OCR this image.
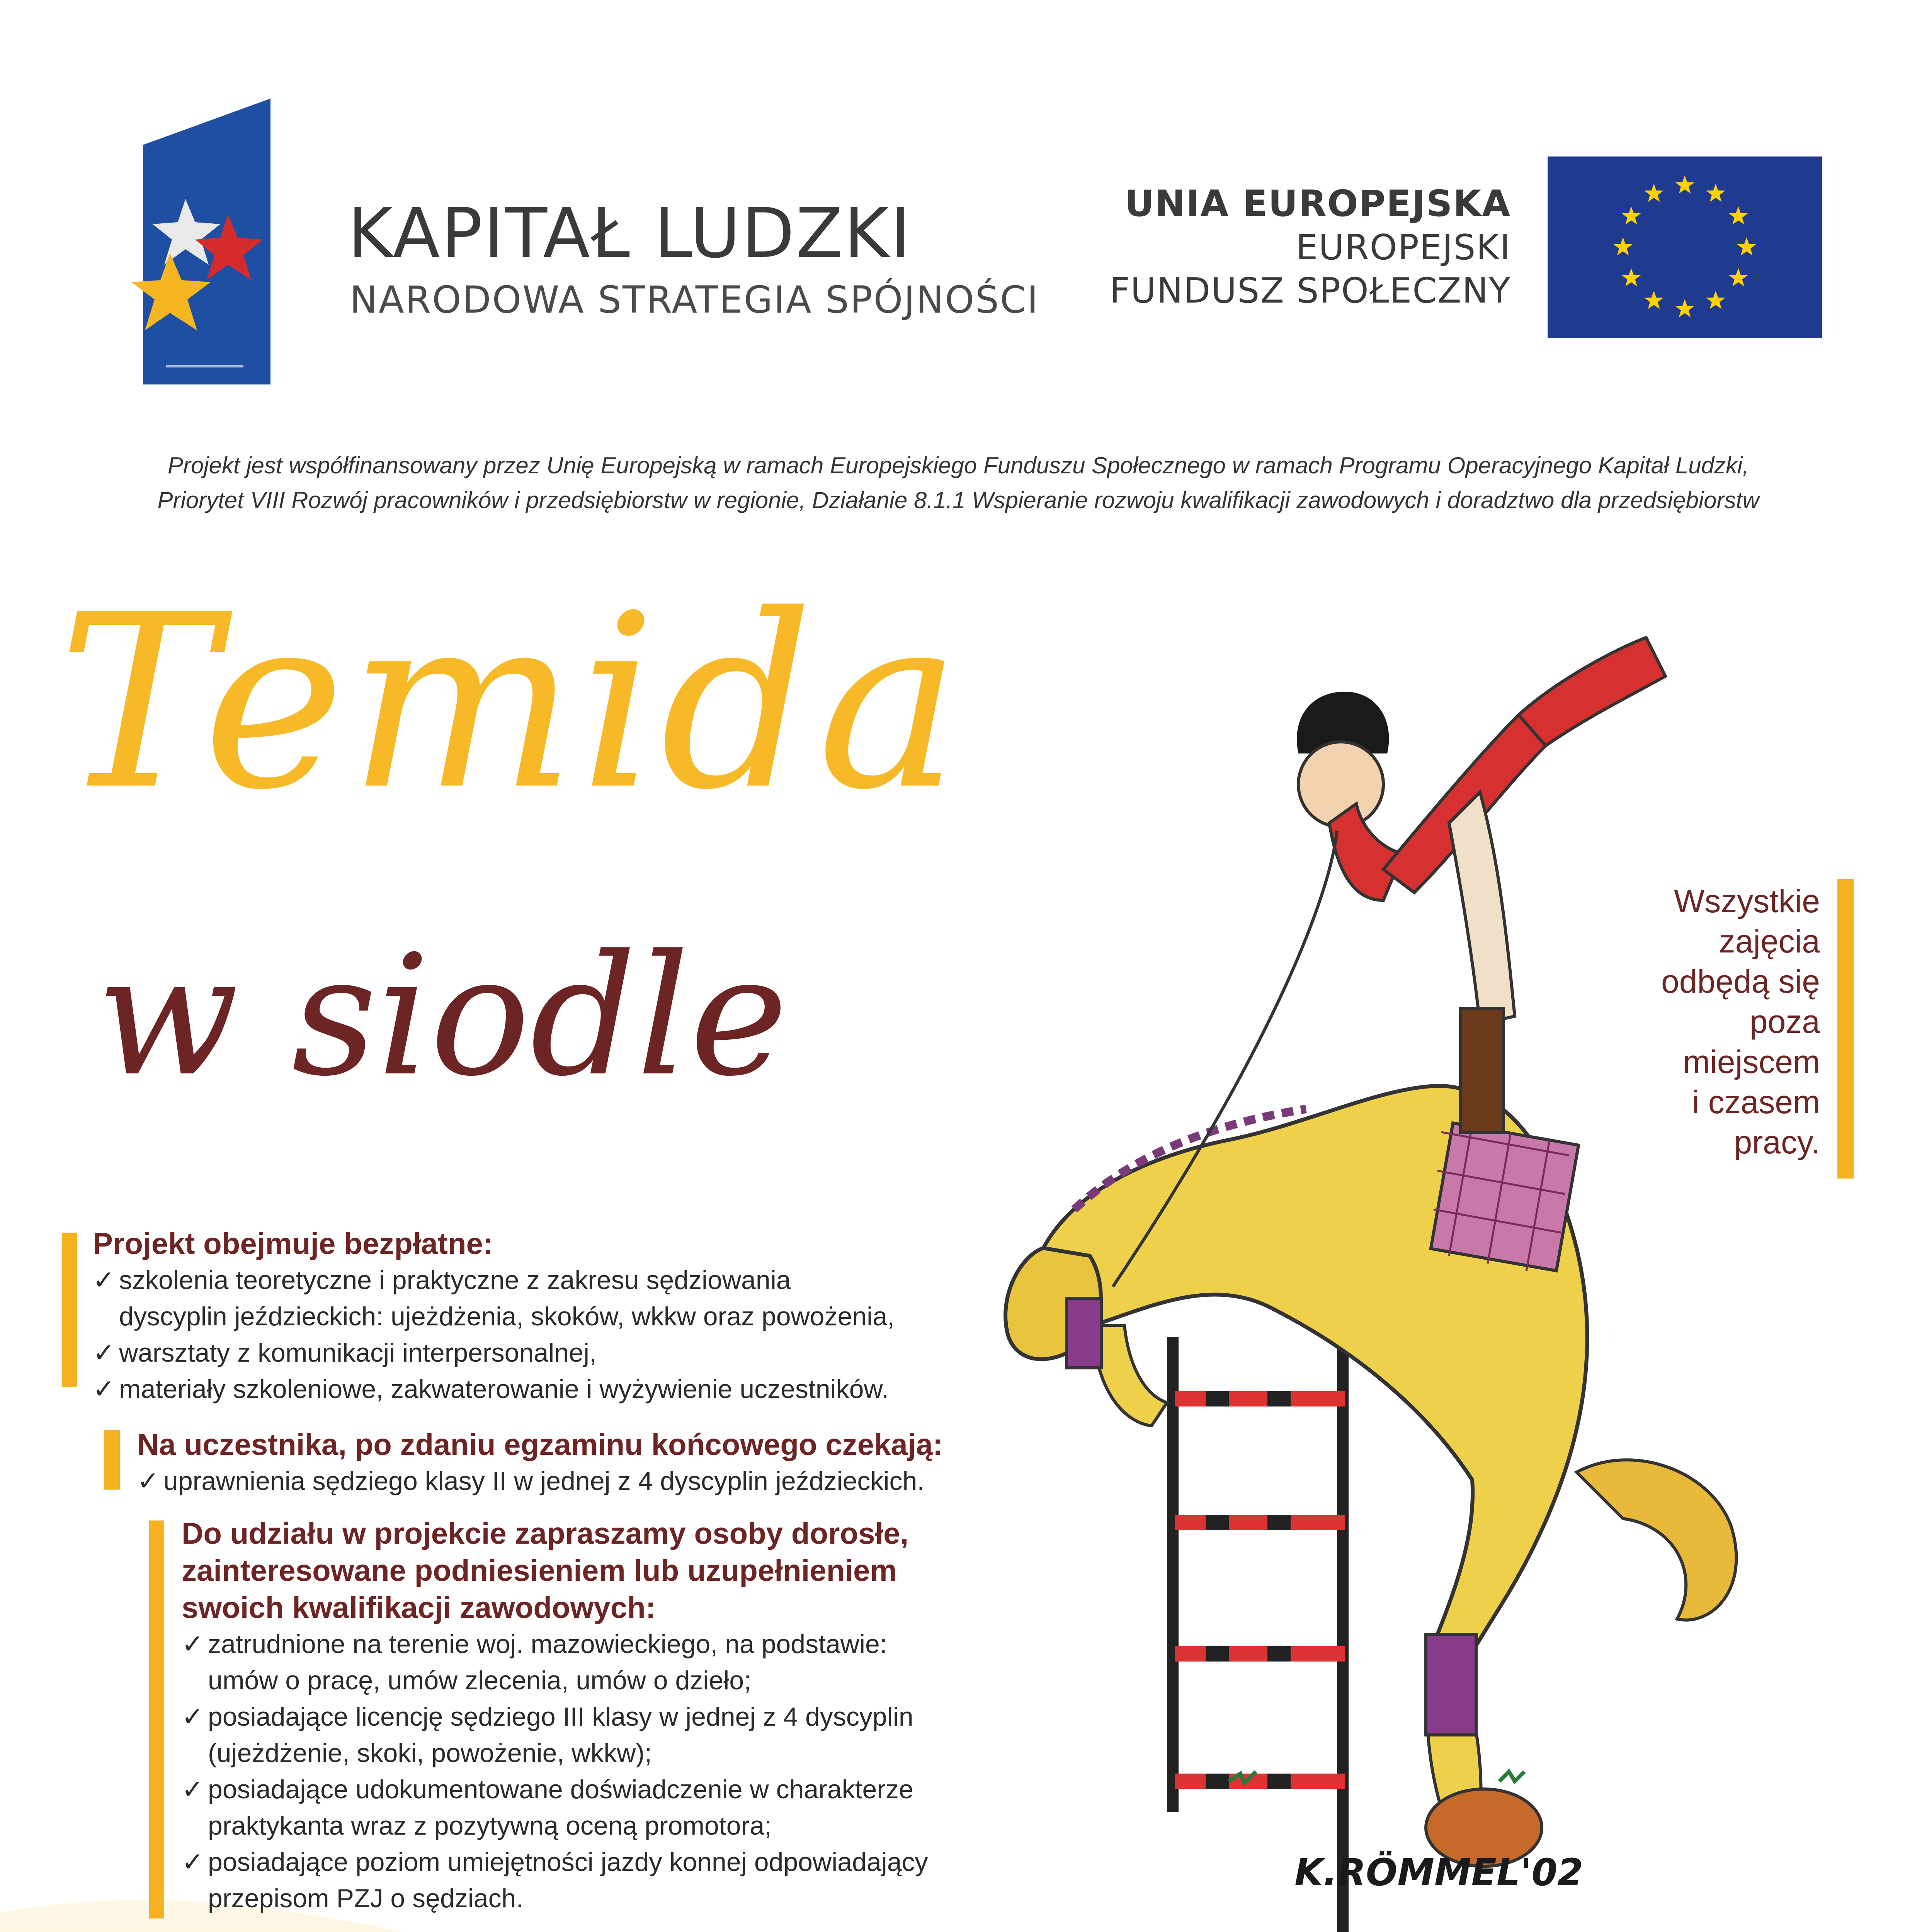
KAPITAŁ LUDZKI
NARODOWA STRATEGIA SPÓJNOŚCI
UNIA EUROPEJSKA
EUROPEJSKI
FUNDUSZ SPOŁECZNY
Projekt jest współfinansowany przez Unię Europejską w ramach Europejskiego Funduszu Społecznego w ramach Programu Operacyjnego Kapitał Ludzki,
Priorytet VIII Rozwój pracowników i przedsiębiorstw w regionie, Działanie 8.1.1 Wspieranie rozwoju kwalifikacji zawodowych i doradztwo dla przedsiębiorstw
Temida
w siodle
K.RÖMMEL'02
Wszystkie
zajęcia
odbędą się
poza
miejscem
i czasem
pracy.
Projekt obejmuje bezpłatne:
✓ szkolenia teoretyczne i praktyczne z zakresu sędziowania
dyscyplin jeździeckich: ujeżdżenia, skoków, wkkw oraz powożenia,
✓ warsztaty z komunikacji interpersonalnej,
✓ materiały szkoleniowe, zakwaterowanie i wyżywienie uczestników.
Na uczestnika, po zdaniu egzaminu końcowego czekają:
✓ uprawnienia sędziego klasy II w jednej z 4 dyscyplin jeździeckich.
Do udziału w projekcie zapraszamy osoby dorosłe,
zainteresowane podniesieniem lub uzupełnieniem
swoich kwalifikacji zawodowych:
✓ zatrudnione na terenie woj. mazowieckiego, na podstawie:
umów o pracę, umów zlecenia, umów o dzieło;
✓ posiadające licencję sędziego III klasy w jednej z 4 dyscyplin
(ujeżdżenie, skoki, powożenie, wkkw);
✓ posiadające udokumentowane doświadczenie w charakterze
praktykanta wraz z pozytywną oceną promotora;
✓ posiadające poziom umiejętności jazdy konnej odpowiadający
przepisom PZJ o sędziach.
